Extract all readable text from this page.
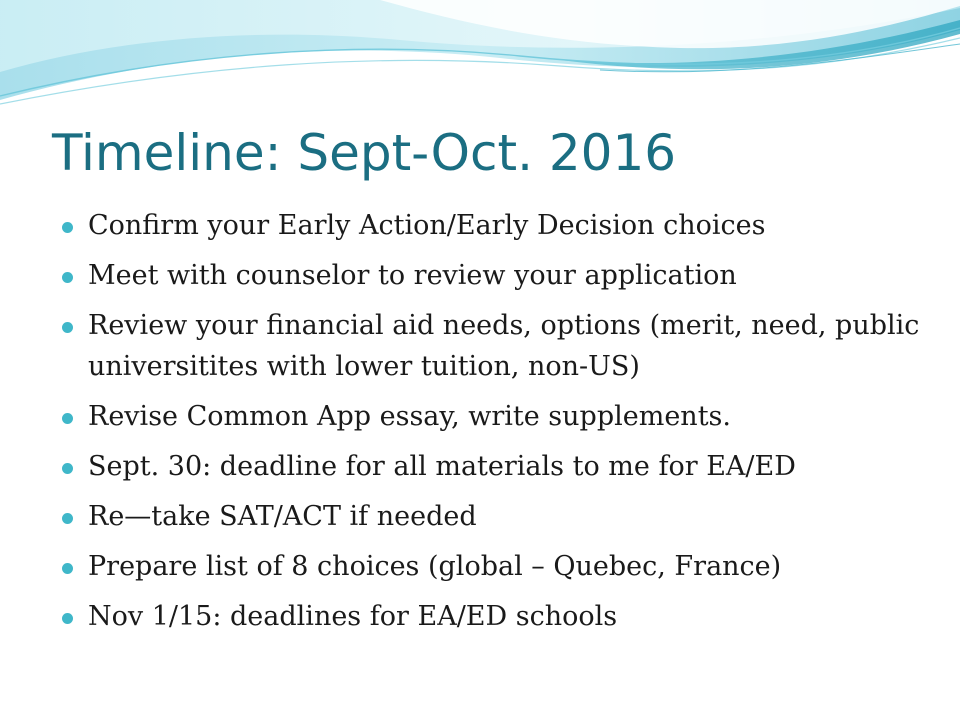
Timeline: Sept-Oct. 2016
Confirm your Early Action/Early Decision choices
Meet with counselor to review your application
Review your financial aid needs, options (merit, need, public universitites with lower tuition, non-US)
Revise Common App essay, write supplements.
Sept. 30: deadline for all materials to me for EA/ED
Re—take SAT/ACT if needed
Prepare list of 8 choices (global – Quebec, France)
Nov 1/15: deadlines for EA/ED schools
